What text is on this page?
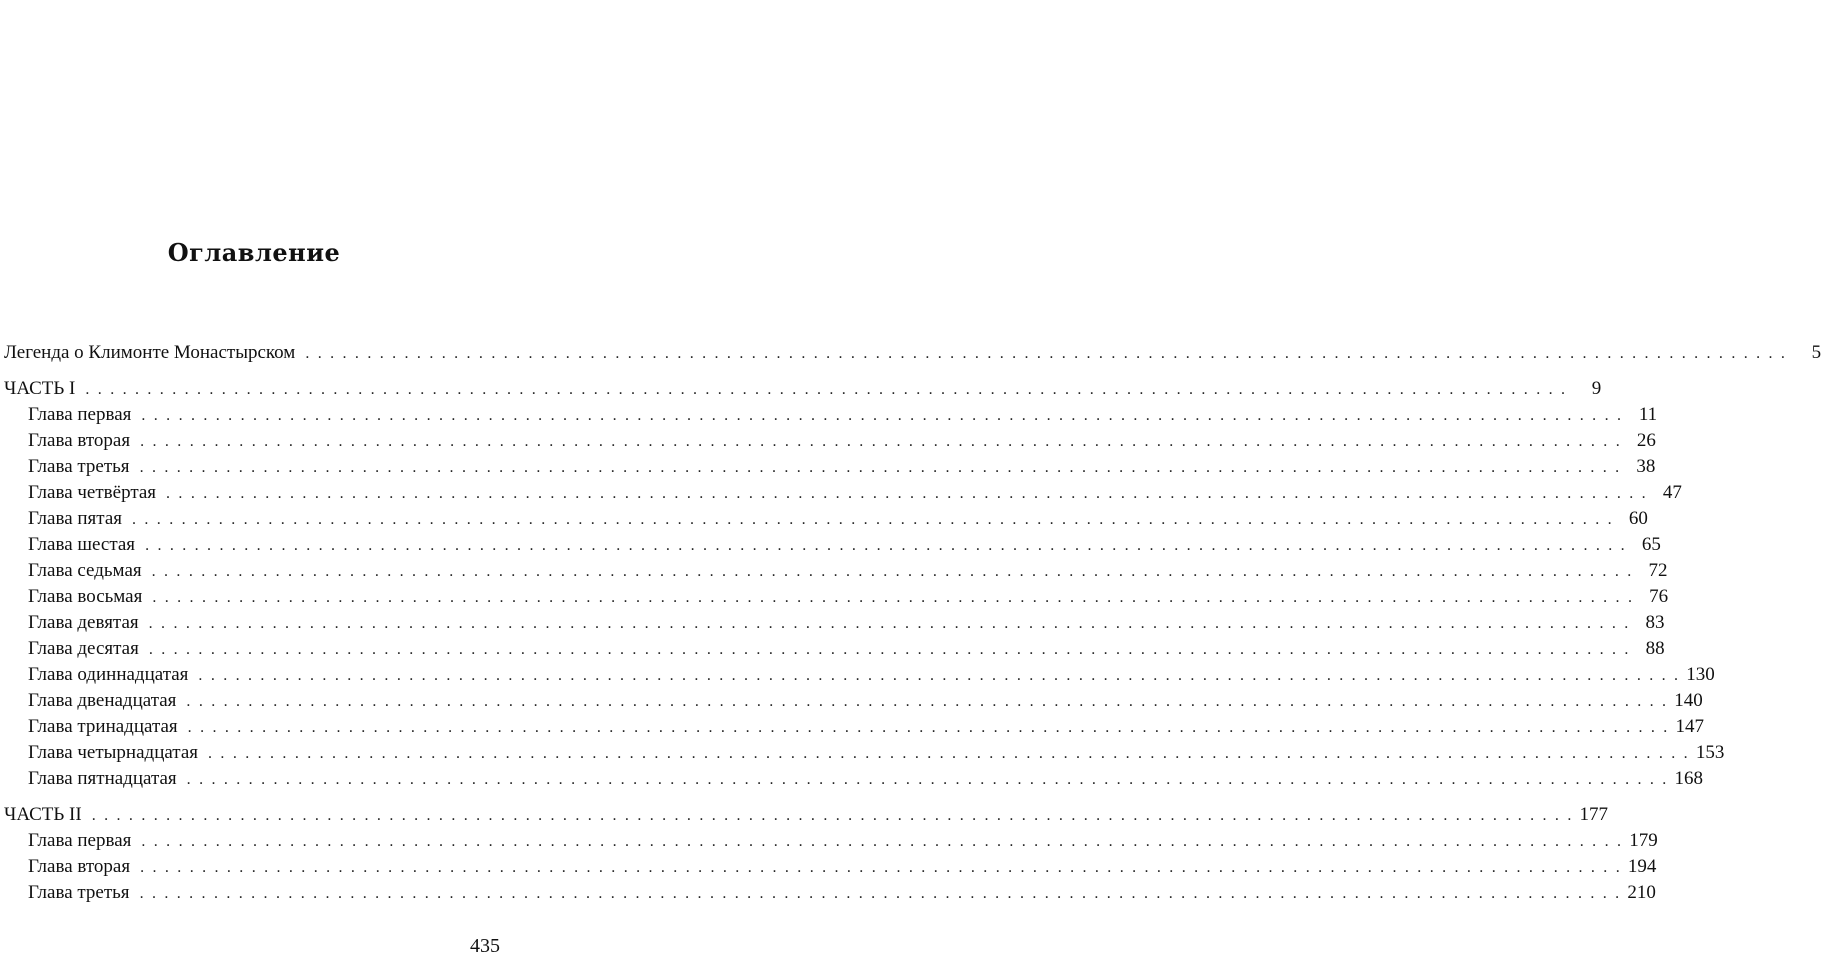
Оглавление
Легенда о Климонте Монастырском . . . . . . . . . . . . . . . . . . . . . . . . . . . . . . . . . . . . . . . . . . . . . . . . . . . . . . . . . . . . . . . . . . . . . . . . . . . . . . . . . . . . . . . . . . . . . . . . . . . . . . . . . . . . . . . . . . . . . . . .	5
ЧАСТЬ I . . . . . . . . . . . . . . . . . . . . . . . . . . . . . . . . . . . . . . . . . . . . . . . . . . . . . . . . . . . . . . . . . . . . . . . . . . . . . . . . . . . . . . . . . . . . . . . . . . . . . . . . . . . . . . . . . . . . . . . .	9
Глава первая . . . . . . . . . . . . . . . . . . . . . . . . . . . . . . . . . . . . . . . . . . . . . . . . . . . . . . . . . . . . . . . . . . . . . . . . . . . . . . . . . . . . . . . . . . . . . . . . . . . . . . . . . . . . . . . . . . . . . . . . 11
Глава вторая . . . . . . . . . . . . . . . . . . . . . . . . . . . . . . . . . . . . . . . . . . . . . . . . . . . . . . . . . . . . . . . . . . . . . . . . . . . . . . . . . . . . . . . . . . . . . . . . . . . . . . . . . . . . . . . . . . . . . . . . 26
Глава третья . . . . . . . . . . . . . . . . . . . . . . . . . . . . . . . . . . . . . . . . . . . . . . . . . . . . . . . . . . . . . . . . . . . . . . . . . . . . . . . . . . . . . . . . . . . . . . . . . . . . . . . . . . . . . . . . . . . . . . . . 38
Глава четвёртая . . . . . . . . . . . . . . . . . . . . . . . . . . . . . . . . . . . . . . . . . . . . . . . . . . . . . . . . . . . . . . . . . . . . . . . . . . . . . . . . . . . . . . . . . . . . . . . . . . . . . . . . . . . . . . . . . . . . . . . . 47
Глава пятая . . . . . . . . . . . . . . . . . . . . . . . . . . . . . . . . . . . . . . . . . . . . . . . . . . . . . . . . . . . . . . . . . . . . . . . . . . . . . . . . . . . . . . . . . . . . . . . . . . . . . . . . . . . . . . . . . . . . . . . . 60
Глава шестая . . . . . . . . . . . . . . . . . . . . . . . . . . . . . . . . . . . . . . . . . . . . . . . . . . . . . . . . . . . . . . . . . . . . . . . . . . . . . . . . . . . . . . . . . . . . . . . . . . . . . . . . . . . . . . . . . . . . . . . . 65
Глава седьмая . . . . . . . . . . . . . . . . . . . . . . . . . . . . . . . . . . . . . . . . . . . . . . . . . . . . . . . . . . . . . . . . . . . . . . . . . . . . . . . . . . . . . . . . . . . . . . . . . . . . . . . . . . . . . . . . . . . . . . . . 72
Глава восьмая . . . . . . . . . . . . . . . . . . . . . . . . . . . . . . . . . . . . . . . . . . . . . . . . . . . . . . . . . . . . . . . . . . . . . . . . . . . . . . . . . . . . . . . . . . . . . . . . . . . . . . . . . . . . . . . . . . . . . . . . 76
Глава девятая . . . . . . . . . . . . . . . . . . . . . . . . . . . . . . . . . . . . . . . . . . . . . . . . . . . . . . . . . . . . . . . . . . . . . . . . . . . . . . . . . . . . . . . . . . . . . . . . . . . . . . . . . . . . . . . . . . . . . . . . 83
Глава десятая . . . . . . . . . . . . . . . . . . . . . . . . . . . . . . . . . . . . . . . . . . . . . . . . . . . . . . . . . . . . . . . . . . . . . . . . . . . . . . . . . . . . . . . . . . . . . . . . . . . . . . . . . . . . . . . . . . . . . . . . 88
Глава одиннадцатая . . . . . . . . . . . . . . . . . . . . . . . . . . . . . . . . . . . . . . . . . . . . . . . . . . . . . . . . . . . . . . . . . . . . . . . . . . . . . . . . . . . . . . . . . . . . . . . . . . . . . . . . . . . . . . . . . . . . . . . . 130
Глава двенадцатая . . . . . . . . . . . . . . . . . . . . . . . . . . . . . . . . . . . . . . . . . . . . . . . . . . . . . . . . . . . . . . . . . . . . . . . . . . . . . . . . . . . . . . . . . . . . . . . . . . . . . . . . . . . . . . . . . . . . . . . . 140
Глава тринадцатая . . . . . . . . . . . . . . . . . . . . . . . . . . . . . . . . . . . . . . . . . . . . . . . . . . . . . . . . . . . . . . . . . . . . . . . . . . . . . . . . . . . . . . . . . . . . . . . . . . . . . . . . . . . . . . . . . . . . . . . . 147
Глава четырнадцатая . . . . . . . . . . . . . . . . . . . . . . . . . . . . . . . . . . . . . . . . . . . . . . . . . . . . . . . . . . . . . . . . . . . . . . . . . . . . . . . . . . . . . . . . . . . . . . . . . . . . . . . . . . . . . . . . . . . . . . . . 153
Глава пятнадцатая . . . . . . . . . . . . . . . . . . . . . . . . . . . . . . . . . . . . . . . . . . . . . . . . . . . . . . . . . . . . . . . . . . . . . . . . . . . . . . . . . . . . . . . . . . . . . . . . . . . . . . . . . . . . . . . . . . . . . . . . 168
ЧАСТЬ II . . . . . . . . . . . . . . . . . . . . . . . . . . . . . . . . . . . . . . . . . . . . . . . . . . . . . . . . . . . . . . . . . . . . . . . . . . . . . . . . . . . . . . . . . . . . . . . . . . . . . . . . . . . . . . . . . . . . . . . . 177
Глава первая . . . . . . . . . . . . . . . . . . . . . . . . . . . . . . . . . . . . . . . . . . . . . . . . . . . . . . . . . . . . . . . . . . . . . . . . . . . . . . . . . . . . . . . . . . . . . . . . . . . . . . . . . . . . . . . . . . . . . . . . 179
Глава вторая . . . . . . . . . . . . . . . . . . . . . . . . . . . . . . . . . . . . . . . . . . . . . . . . . . . . . . . . . . . . . . . . . . . . . . . . . . . . . . . . . . . . . . . . . . . . . . . . . . . . . . . . . . . . . . . . . . . . . . . . 194
Глава третья . . . . . . . . . . . . . . . . . . . . . . . . . . . . . . . . . . . . . . . . . . . . . . . . . . . . . . . . . . . . . . . . . . . . . . . . . . . . . . . . . . . . . . . . . . . . . . . . . . . . . . . . . . . . . . . . . . . . . . . . 210
435
